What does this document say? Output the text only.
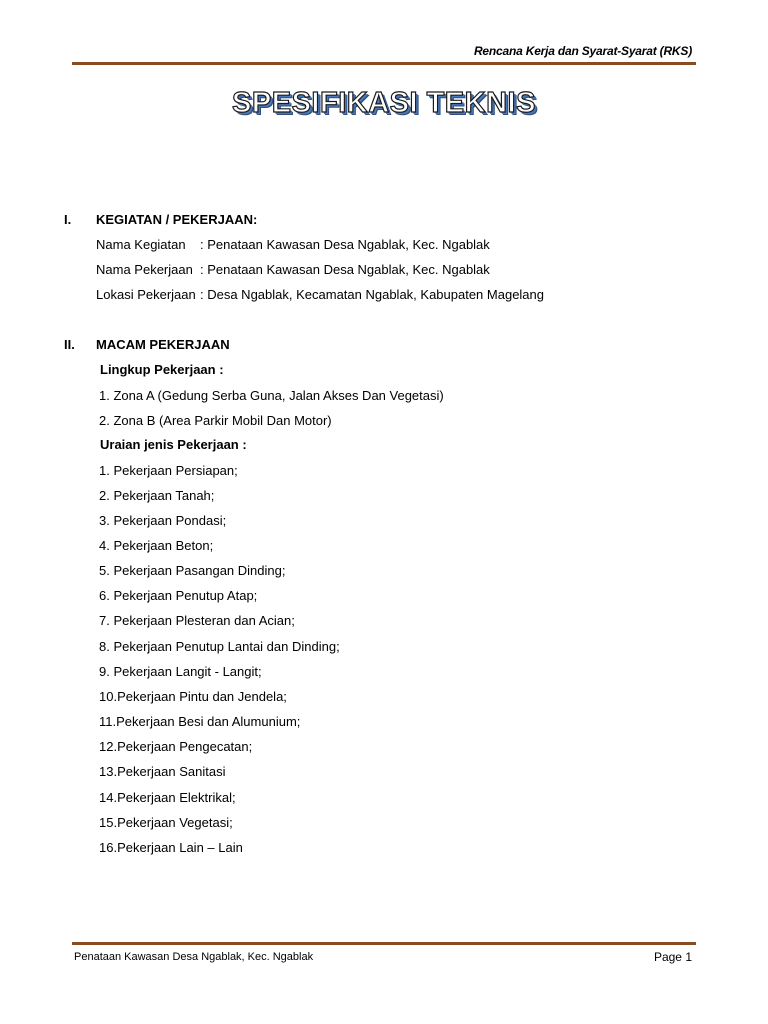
Rencana Kerja dan Syarat-Syarat (RKS)
SPESIFIKASI TEKNIS
I. KEGIATAN / PEKERJAAN:
Nama Kegiatan : Penataan Kawasan Desa Ngablak, Kec. Ngablak
Nama Pekerjaan : Penataan Kawasan Desa Ngablak, Kec. Ngablak
Lokasi Pekerjaan : Desa Ngablak, Kecamatan Ngablak, Kabupaten Magelang
II. MACAM PEKERJAAN
Lingkup Pekerjaan :
1. Zona A (Gedung Serba Guna, Jalan Akses Dan Vegetasi)
2. Zona B (Area Parkir Mobil Dan Motor)
Uraian jenis Pekerjaan :
1. Pekerjaan Persiapan;
2. Pekerjaan Tanah;
3. Pekerjaan Pondasi;
4. Pekerjaan Beton;
5. Pekerjaan Pasangan Dinding;
6. Pekerjaan Penutup Atap;
7. Pekerjaan Plesteran dan Acian;
8. Pekerjaan Penutup Lantai dan Dinding;
9. Pekerjaan Langit - Langit;
10.Pekerjaan Pintu dan Jendela;
11.Pekerjaan Besi dan Alumunium;
12.Pekerjaan Pengecatan;
13.Pekerjaan Sanitasi
14.Pekerjaan Elektrikal;
15.Pekerjaan Vegetasi;
16.Pekerjaan Lain – Lain
Penataan Kawasan Desa Ngablak, Kec. Ngablak	Page 1
